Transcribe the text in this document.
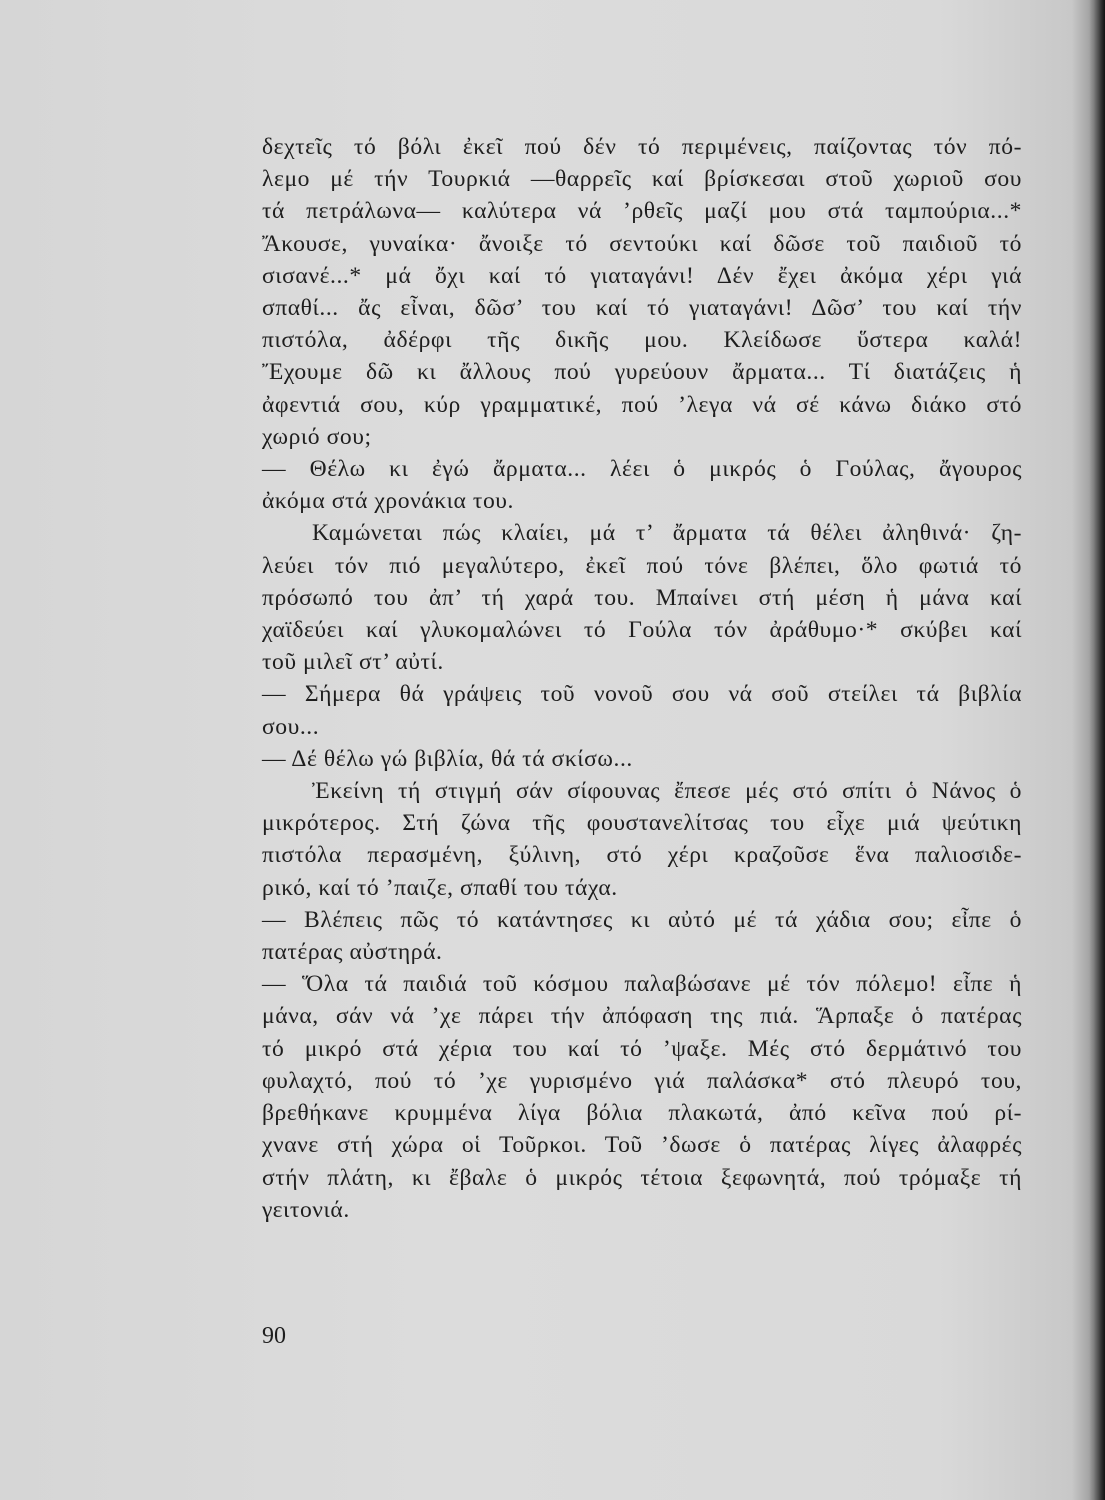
δεχτεῖς τό βόλι ἐκεῖ πού δέν τό περιμένεις, παίζοντας τόν πό-
λεμο μέ τήν Τουρκιά —θαρρεῖς καί βρίσκεσαι στοῦ χωριοῦ σου
τά πετράλωνα— καλύτερα νά ’ρθεῖς μαζί μου στά ταμπούρια...*
Ἄκουσε, γυναίκα· ἄνοιξε τό σεντούκι καί δῶσε τοῦ παιδιοῦ τό
σισανέ...* μά ὄχι καί τό γιαταγάνι! Δέν ἔχει ἀκόμα χέρι γιά
σπαθί... ἄς εἶναι, δῶσ’ του καί τό γιαταγάνι! Δῶσ’ του καί τήν
πιστόλα, ἀδέρφι τῆς δικῆς μου. Κλείδωσε ὕστερα καλά!
Ἔχουμε δῶ κι ἄλλους πού γυρεύουν ἄρματα... Τί διατάζεις ἡ
ἀφεντιά σου, κύρ γραμματικέ, πού ’λεγα νά σέ κάνω διάκο στό
χωριό σου;
— Θέλω κι ἐγώ ἄρματα... λέει ὁ μικρός ὁ Γούλας, ἄγουρος
ἀκόμα στά χρονάκια του.
Καμώνεται πώς κλαίει, μά τ’ ἄρματα τά θέλει ἀληθινά· ζη-
λεύει τόν πιό μεγαλύτερο, ἐκεῖ πού τόνε βλέπει, ὅλο φωτιά τό
πρόσωπό του ἀπ’ τή χαρά του. Μπαίνει στή μέση ἡ μάνα καί
χαϊδεύει καί γλυκομαλώνει τό Γούλα τόν ἀράθυμο·* σκύβει καί
τοῦ μιλεῖ στ’ αὐτί.
— Σήμερα θά γράψεις τοῦ νονοῦ σου νά σοῦ στείλει τά βιβλία
σου...
— Δέ θέλω γώ βιβλία, θά τά σκίσω...
Ἐκείνη τή στιγμή σάν σίφουνας ἔπεσε μές στό σπίτι ὁ Νάνος ὁ
μικρότερος. Στή ζώνα τῆς φουστανελίτσας του εἶχε μιά ψεύτικη
πιστόλα περασμένη, ξύλινη, στό χέρι κραζοῦσε ἕνα παλιοσιδε-
ρικό, καί τό ’παιζε, σπαθί του τάχα.
— Βλέπεις πῶς τό κατάντησες κι αὐτό μέ τά χάδια σου; εἶπε ὁ
πατέρας αὐστηρά.
— Ὅλα τά παιδιά τοῦ κόσμου παλαβώσανε μέ τόν πόλεμο! εἶπε ἡ
μάνα, σάν νά ’χε πάρει τήν ἀπόφαση της πιά. Ἅρπαξε ὁ πατέρας
τό μικρό στά χέρια του καί τό ’ψαξε. Μές στό δερμάτινό του
φυλαχτό, πού τό ’χε γυρισμένο γιά παλάσκα* στό πλευρό του,
βρεθήκανε κρυμμένα λίγα βόλια πλακωτά, ἀπό κεῖνα πού ρί-
χνανε στή χώρα οἱ Τοῦρκοι. Τοῦ ’δωσε ὁ πατέρας λίγες ἀλαφρές
στήν πλάτη, κι ἔβαλε ὁ μικρός τέτοια ξεφωνητά, πού τρόμαξε τή
γειτονιά.
90
